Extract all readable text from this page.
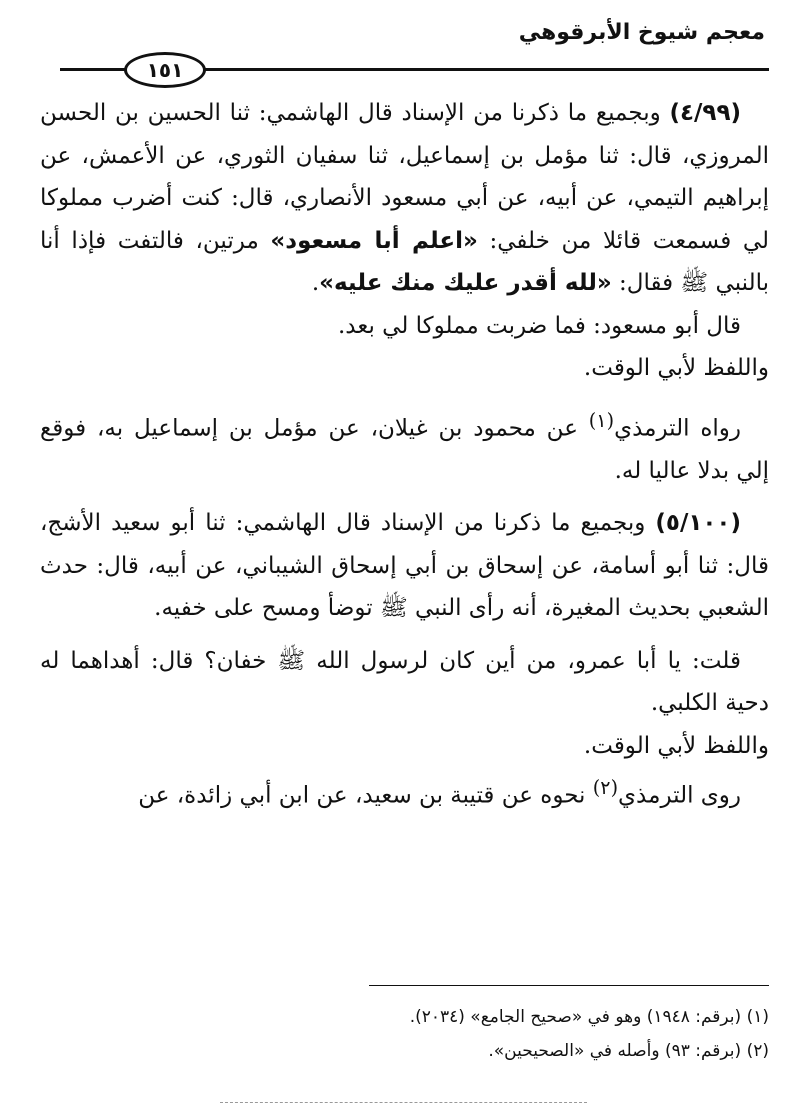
معجم شيوخ الأبرقوهي
١٥١

(٤/٩٩) وبجميع ما ذكرنا من الإسناد قال الهاشمي: ثنا الحسين بن الحسن المروزي، قال: ثنا مؤمل بن إسماعيل، ثنا سفيان الثوري، عن الأعمش، عن إبراهيم التيمي، عن أبيه، عن أبي مسعود الأنصاري، قال: كنت أضرب مملوكا لي فسمعت قائلا من خلفي: «اعلم أبا مسعود» مرتين، فالتفت فإذا أنا بالنبي ﷺ فقال: «لله أقدر عليك منك عليه».

قال أبو مسعود: فما ضربت مملوكا لي بعد.

واللفظ لأبي الوقت.

رواه الترمذي$^{(١)}$ عن محمود بن غيلان، عن مؤمل بن إسماعيل به، فوقع إلي بدلا عاليا له.

(٥/١٠٠) وبجميع ما ذكرنا من الإسناد قال الهاشمي: ثنا أبو سعيد الأشج، قال: ثنا أبو أسامة، عن إسحاق بن أبي إسحاق الشيباني، عن أبيه، قال: حدث الشعبي بحديث المغيرة، أنه رأى النبي ﷺ توضأ ومسح على خفيه.

قلت: يا أبا عمرو، من أين كان لرسول الله ﷺ خفان؟ قال: أهداهما له دحية الكلبي.

واللفظ لأبي الوقت.

روى الترمذي$^{(٢)}$ نحوه عن قتيبة بن سعيد، عن ابن أبي زائدة، عن

(١) (برقم: ١٩٤٨) وهو في «صحيح الجامع» (٢٠٣٤).

(٢) (برقم: ٩٣) وأصله في «الصحيحين».
